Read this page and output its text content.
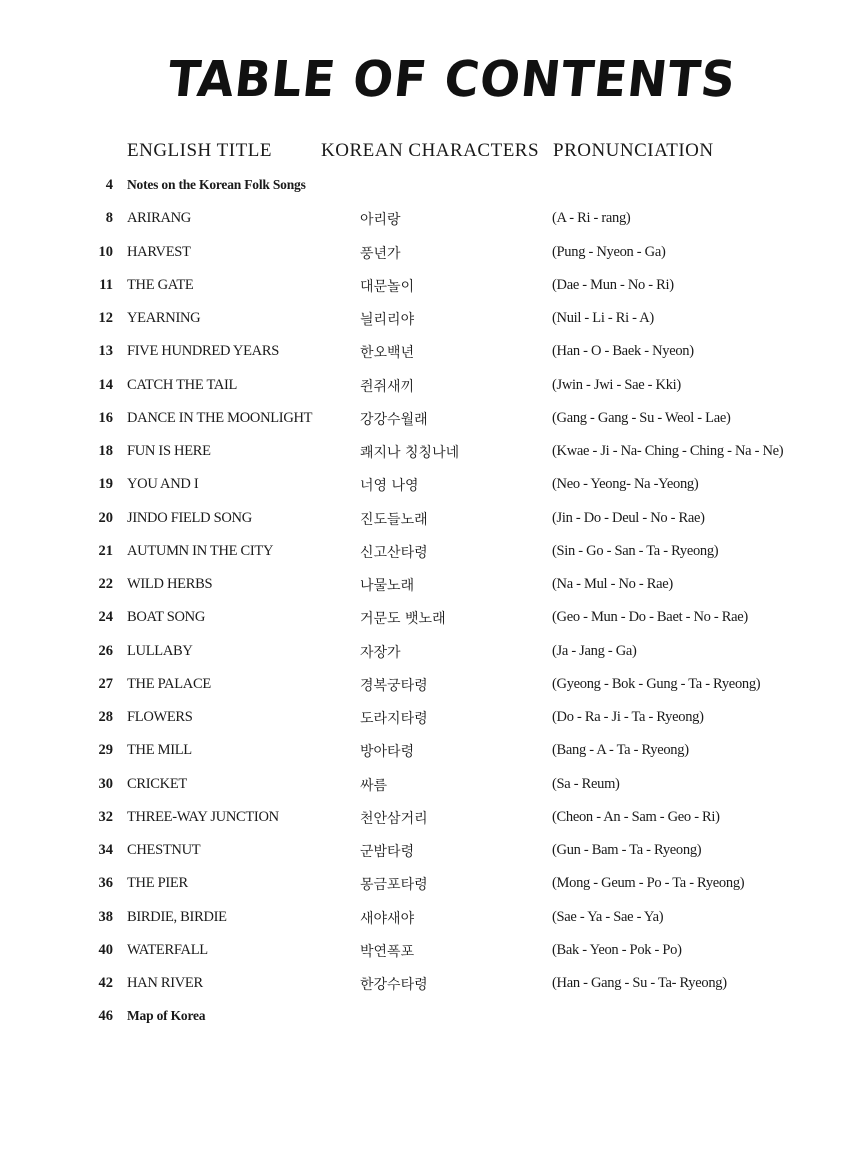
TABLE OF CONTENTS
ENGLISH TITLE	KOREAN CHARACTERS PRONUNCIATION
4 Notes on the Korean Folk Songs
8 ARIRANG	아리랑	(A - Ri - rang)
10 HARVEST	풍년가	(Pung - Nyeon - Ga)
11 THE GATE	대문놀이	(Dae - Mun - No - Ri)
12 YEARNING	늴리리야	(Nuil - Li - Ri - A)
13 FIVE HUNDRED YEARS	한오백년	(Han - O - Baek - Nyeon)
14 CATCH THE TAIL	쥔쥐새끼	(Jwin - Jwi - Sae - Kki)
16 DANCE IN THE MOONLIGHT	강강수월래	(Gang - Gang - Su - Weol - Lae)
18 FUN IS HERE	쾌지나 칭칭나네	(Kwae - Ji - Na- Ching - Ching - Na - Ne)
19 YOU AND I	너영 나영	(Neo - Yeong- Na -Yeong)
20 JINDO FIELD SONG	진도들노래	(Jin - Do - Deul - No - Rae)
21 AUTUMN IN THE CITY	신고산타령	(Sin - Go - San - Ta - Ryeong)
22 WILD HERBS	나물노래	(Na - Mul - No - Rae)
24 BOAT SONG	거문도 뱃노래	(Geo - Mun - Do - Baet - No - Rae)
26 LULLABY	자장가	(Ja - Jang - Ga)
27 THE PALACE	경복궁타령	(Gyeong - Bok - Gung - Ta - Ryeong)
28 FLOWERS	도라지타령	(Do - Ra - Ji - Ta - Ryeong)
29 THE MILL	방아타령	(Bang - A - Ta - Ryeong)
30 CRICKET	싸름	(Sa - Reum)
32 THREE-WAY JUNCTION	천안삼거리	(Cheon - An - Sam - Geo - Ri)
34 CHESTNUT	군밤타령	(Gun - Bam - Ta - Ryeong)
36 THE PIER	몽금포타령	(Mong - Geum - Po - Ta - Ryeong)
38 BIRDIE, BIRDIE	새야새야	(Sae - Ya - Sae - Ya)
40 WATERFALL	박연폭포	(Bak - Yeon - Pok - Po)
42 HAN RIVER	한강수타령	(Han - Gang - Su - Ta- Ryeong)
46 Map of Korea
